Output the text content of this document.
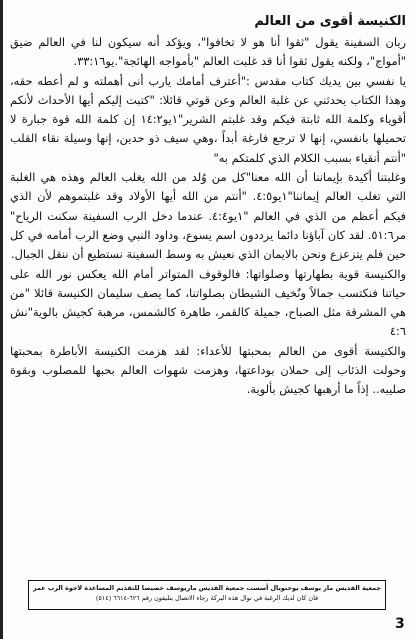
الكنيسة أقوى من العالم

ربان السفينة يقول "ثقوا أنا هو لا تخافوا"، ويؤكد أنه سيكون لنا في العالم ضيق "أمواج"، ولكنه يقول ثقوا أنا قد غلبت العالم "بأمواجه الهائجة".يو٣٣:١٦.

يا نفسي بين يديك كتاب مقدس :"أعترف أمامك يارب أنى أهملته و لم أعطه حقه، وهذا الكتاب يحدثني عن غلبة العالم وعن قوتي قائلا: "كتبت إليكم أيها الأحداث لأنكم أقوياء وكلمة الله ثابتة فيكم وقد غلبتم الشرير"١يو١٤:٢ إن كلمة الله قوة جبارة لا تحميلها بانفسي، إنها لا ترجع فارغة أبداً ،وهي سيف ذو حدين، إنها وسيلة نقاء القلب "أنتم أنقياء بسبب الكلام الذي كلمتكم به"

وغلبتنا أكيدة بإيماننا أن الله معنا"كل من وُلد من الله يغلب العالم وهذه هي الغلبة التي تغلب العالم إيماننا"١يو٤:٥. "أنتم من الله أيها الأولاد وقد غلبتموهم لأن الذي فيكم أعظم من الذي في العالم "١يو٤:٤. عندما دخل الرب السفينة سكنت الرياح" مر٥١:٦. لقد كان آباؤنا دائما يرددون اسم يسوع، وداود النبي وضع الرب أمامه في كل حين فلم يتزعزع ونحن بالايمان الذي نعيش به وسط السفينة نستطيع أن ننقل الجبال.

والكنيسة قوية بطهارتها وصلواتها: فالوقوف المتواتر أمام الله يعكس نور الله على حياتنا فنكتسب جمالاً ونُخيف الشيطان بصلواتنا، كما يصف سليمان الكنيسة قائلا "من هي المشرقة مثل الصباح، جميلة كالقمر، طاهرة كالشمس، مرهبة كجيش بالوية"نش ٤:٦

والكنيسة أقوى من العالم بمحبتها للأعداء: لقد هزمت الكنيسة الأباطرة بمحبتها وحولت الذئاب إلى حملان بوداعتها، وهزمت شهوات العالم بحبها للمصلوب وبقوة صليبه.. إذاً ما أرهبها كجيش بألوية.

جمعية القديس مار يوسف يوحنويال أسست جمعية القديس ماريوسف خصيصا للتقديم المساعدة لاخوة الرب عمر
فان كان لديك الرغبة في نوال هذه البركة رجاء الاتصال بتليفون رقم ٦٢٦-٦٦١٤ (٥١٤)
3
